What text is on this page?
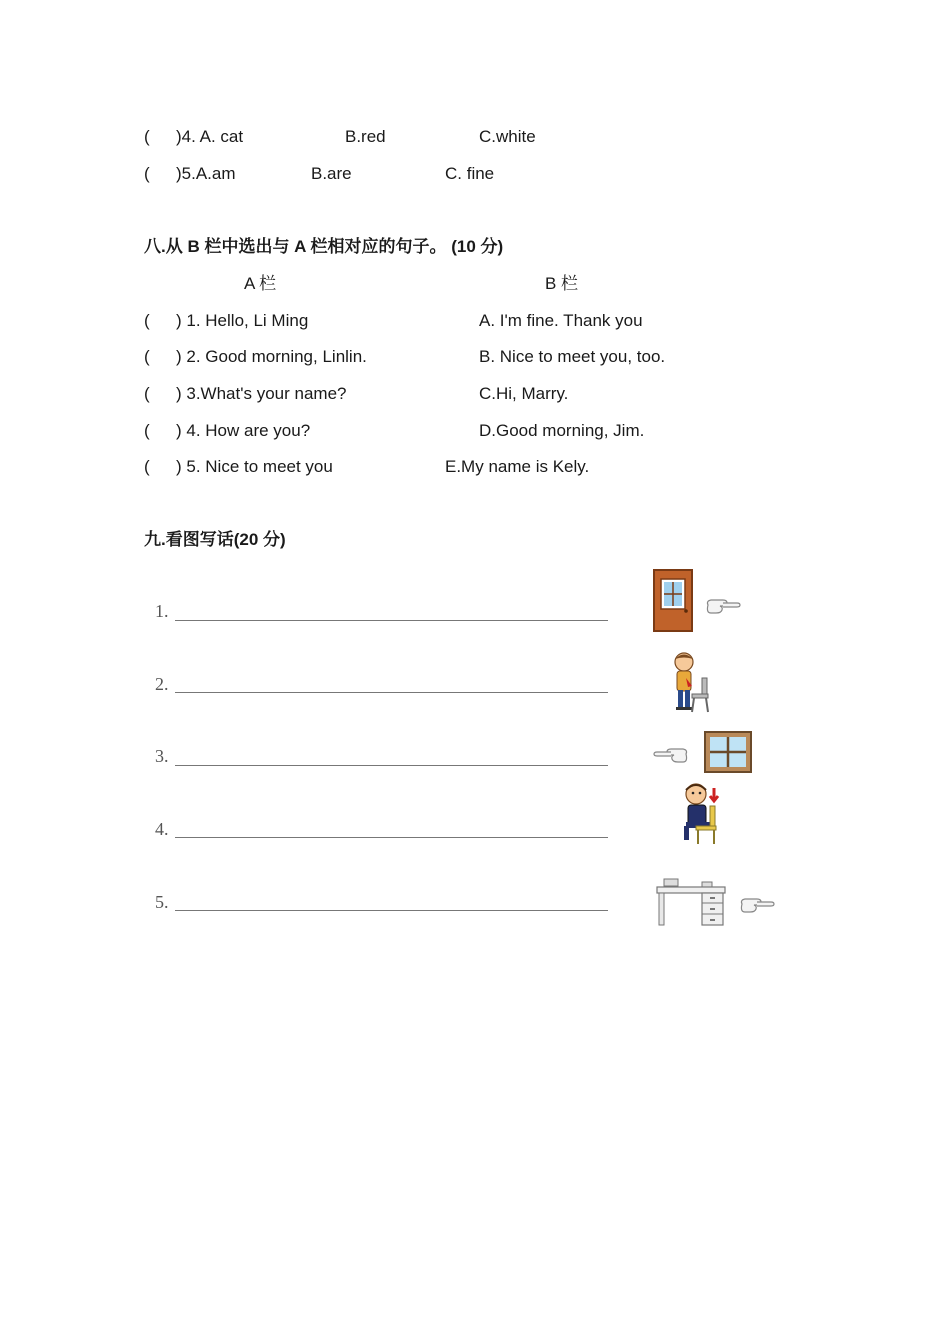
( )4. A. cat	B.red	C.white
( )5.A.am	B.are	C. fine
八.从 B 栏中选出与 A 栏相对应的句子。 (10 分)
A 栏	B 栏
( ) 1. Hello, Li Ming	A. I'm fine. Thank you
( ) 2. Good morning, Linlin.	B. Nice to meet you, too.
( ) 3.What's your name?	C.Hi, Marry.
( ) 4. How are you?	D.Good morning, Jim.
( ) 5. Nice to meet you	E.My name is Kely.
九.看图写话(20 分)
1.
2.
3.
4.
5.
